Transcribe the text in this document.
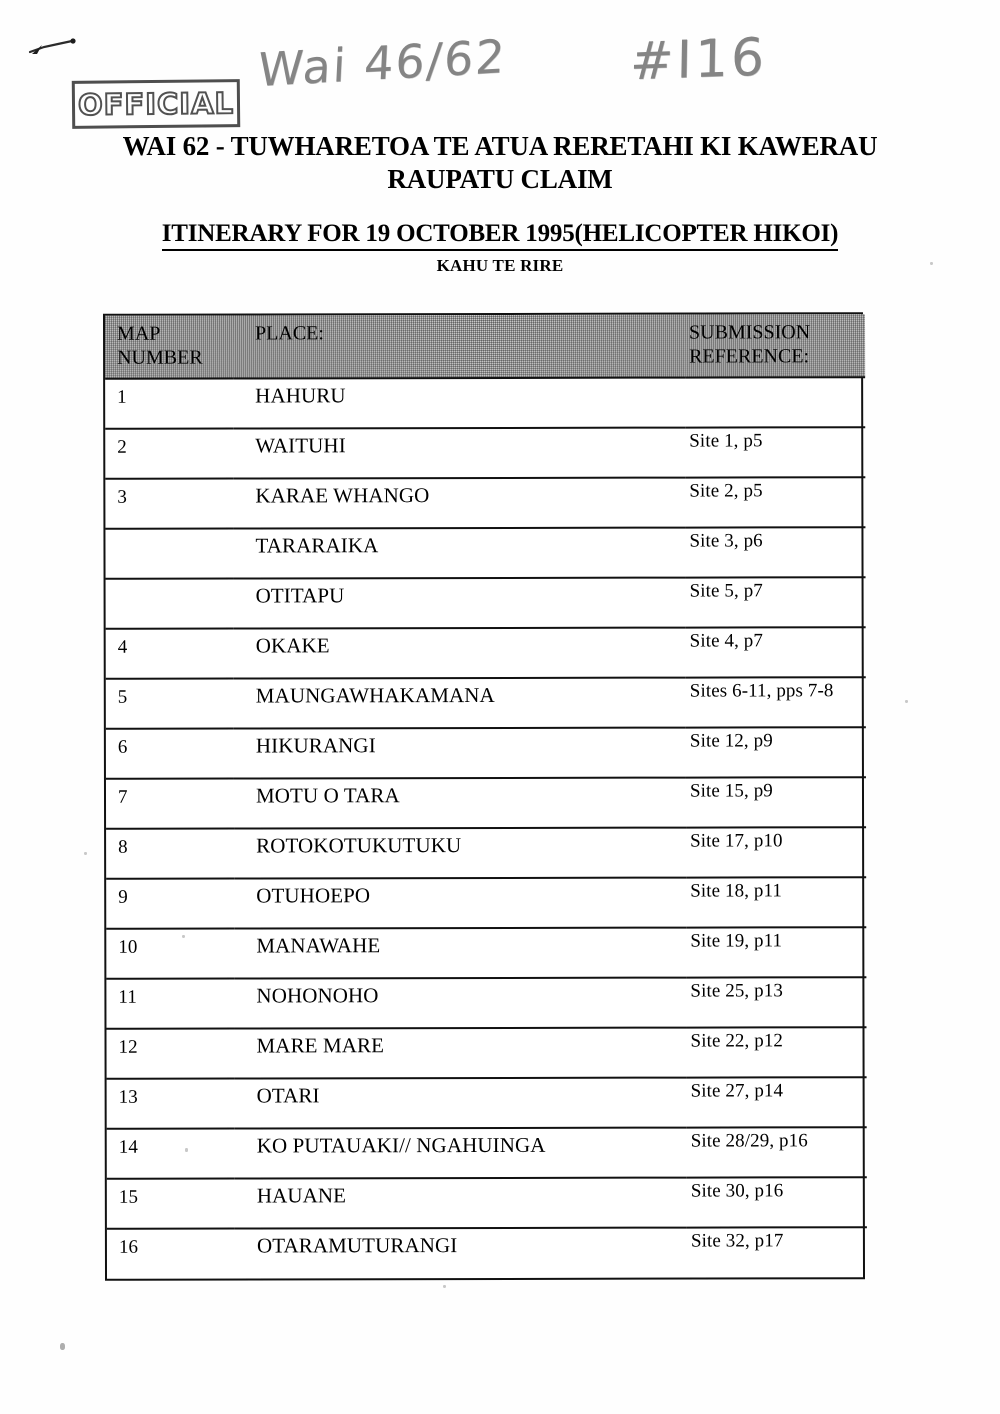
Wai 46/62 #I16
OFFICIAL
WAI 62 - TUWHARETOA TE ATUA RERETAHI KI KAWERAU
RAUPATU CLAIM
ITINERARY FOR 19 OCTOBER 1995(HELICOPTER HIKOI)
KAHU TE RIRE
MAP
NUMBER	PLACE:	SUBMISSION
REFERENCE:

1	HAHURU	
2	WAITUHI	Site 1, p5
3	KARAE WHANGO	Site 2, p5
	TARARAIKA	Site 3, p6
	OTITAPU	Site 5, p7
4	OKAKE	Site 4, p7
5	MAUNGAWHAKAMANA	Sites 6-11, pps 7-8
6	HIKURANGI	Site 12, p9
7	MOTU O TARA	Site 15, p9
8	ROTOKOTUKUTUKU	Site 17, p10
9	OTUHOEPO	Site 18, p11
10	MANAWAHE	Site 19, p11
11	NOHONOHO	Site 25, p13
12	MARE MARE	Site 22, p12
13	OTARI	Site 27, p14
14	KO PUTAUAKI// NGAHUINGA	Site 28/29, p16
15	HAUANE	Site 30, p16
16	OTARAMUTURANGI	Site 32, p17
